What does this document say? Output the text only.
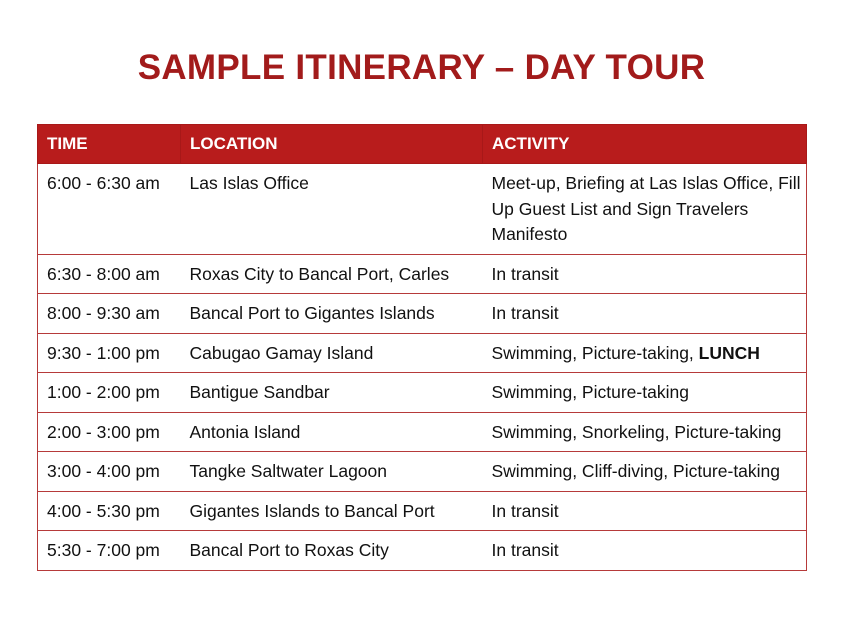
SAMPLE ITINERARY – DAY TOUR
TIME	LOCATION	ACTIVITY
6:00 - 6:30 am	Las Islas Office	Meet-up, Briefing at Las Islas Office, Fill Up Guest List and Sign Travelers Manifesto
6:30 - 8:00 am	Roxas City to Bancal Port, Carles	In transit
8:00 - 9:30 am	Bancal Port to Gigantes Islands	In transit
9:30 - 1:00 pm	Cabugao Gamay Island	Swimming, Picture-taking, LUNCH
1:00 - 2:00 pm	Bantigue Sandbar	Swimming, Picture-taking
2:00 - 3:00 pm	Antonia Island	Swimming, Snorkeling, Picture-taking
3:00 - 4:00 pm	Tangke Saltwater Lagoon	Swimming, Cliff-diving, Picture-taking
4:00 - 5:30 pm	Gigantes Islands to Bancal Port	In transit
5:30 - 7:00 pm	Bancal Port to Roxas City	In transit
